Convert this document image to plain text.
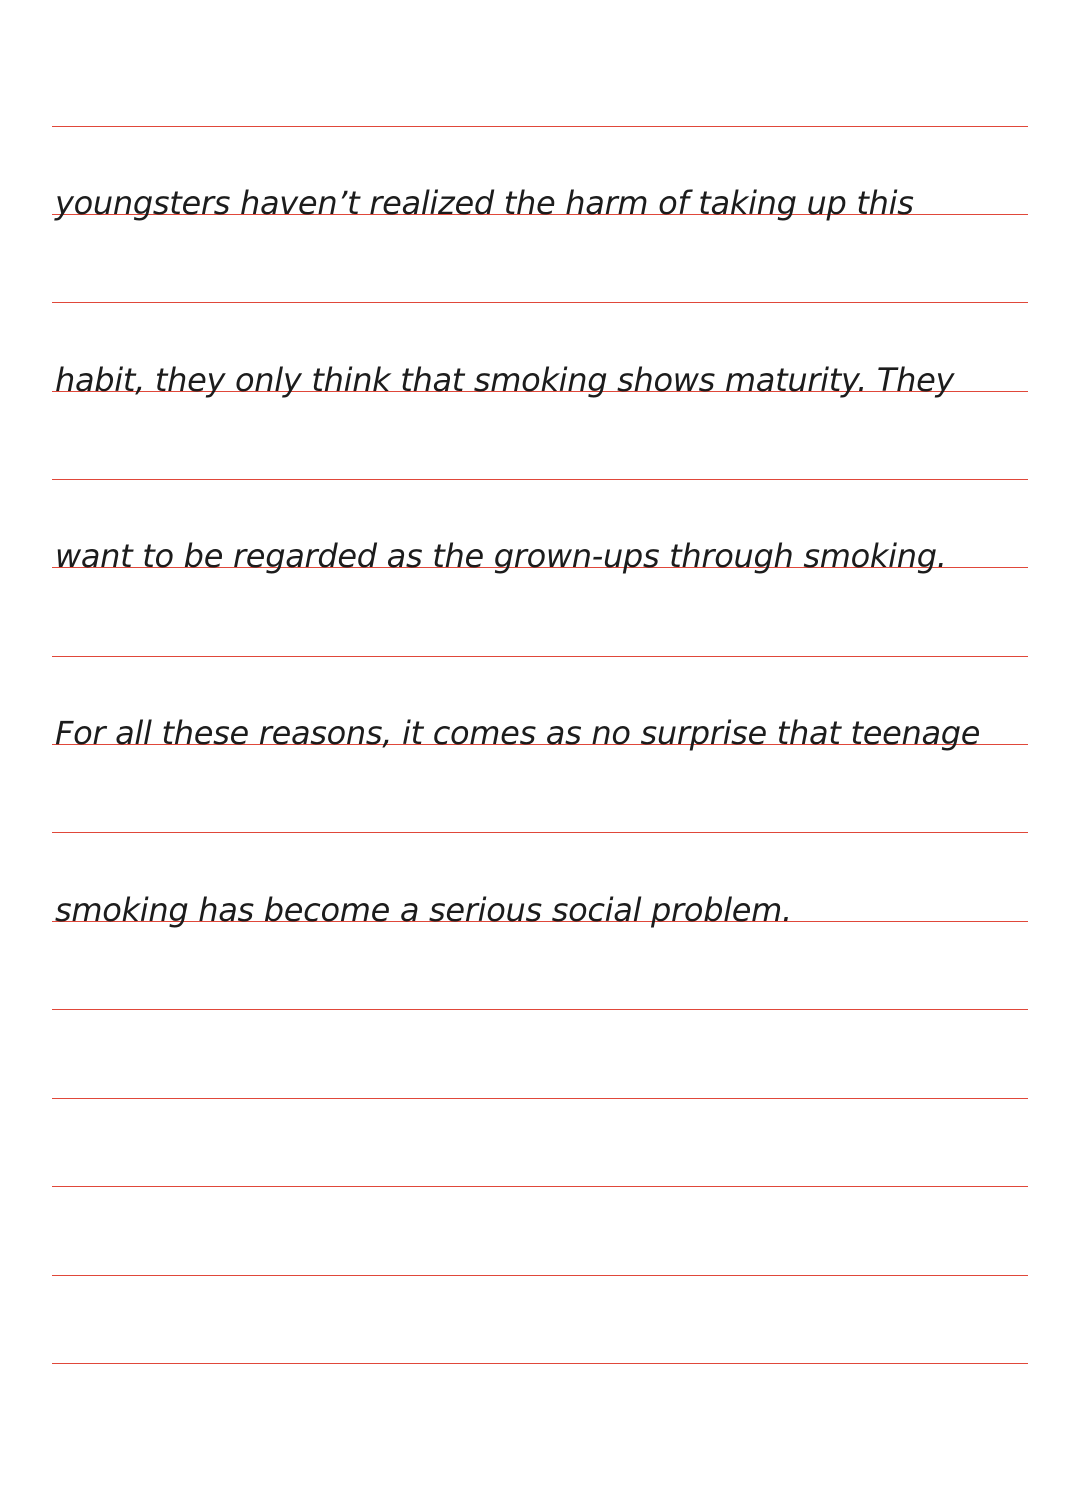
youngsters haven’t realized the harm of taking up this
habit, they only think that smoking shows maturity. They
want to be regarded as the grown-ups through smoking.
For all these reasons, it comes as no surprise that teenage
smoking has become a serious social problem.
